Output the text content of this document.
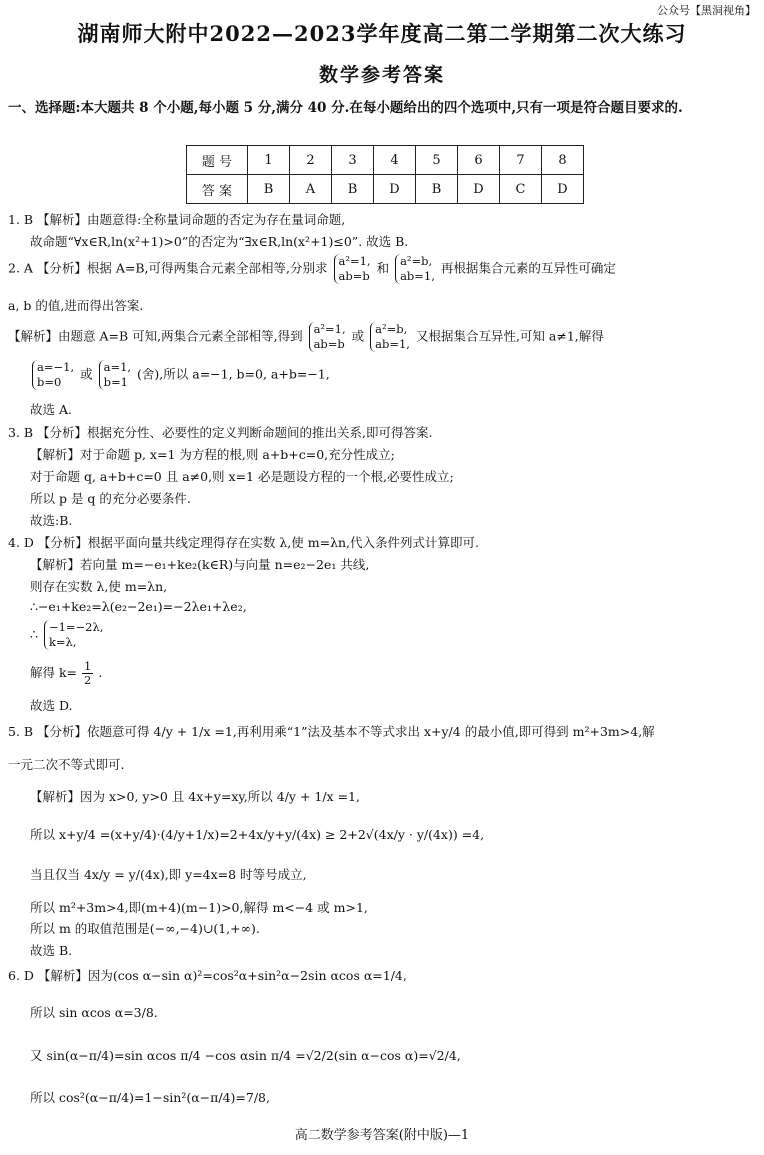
公众号【黑洞视角】
湖南师大附中2022—2023学年度高二第二学期第二次大练习
数学参考答案
一、选择题:本大题共 8 个小题,每小题 5 分,满分 40 分.在每小题给出的四个选项中,只有一项是符合题目要求的.
题 号	1	2	3	4	5	6	7	8
答 案	B	A	B	D	B	D	C	D
1. B 【解析】由题意得:全称量词命题的否定为存在量词命题,
故命题“∀x∈R,ln(x²+1)>0”的否定为“∃x∈R,ln(x²+1)≤0”. 故选 B.
2. A 【分析】根据 A=B,可得两集合元素全部相等,分别求 a²=1,
ab=b
和 a²=b,
ab=1,
再根据集合元素的互异性可确定
a, b 的值,进而得出答案.
【解析】由题意 A=B 可知,两集合元素全部相等,得到 a²=1,
ab=b
或 a²=b,
ab=1,
又根据集合互异性,可知 a≠1,解得
a=−1,
b=0
或 a=1,
b=1
(舍),所以 a=−1, b=0, a+b=−1,
故选 A.
3. B 【分析】根据充分性、必要性的定义判断命题间的推出关系,即可得答案.
【解析】对于命题 p, x=1 为方程的根,则 a+b+c=0,充分性成立;
对于命题 q, a+b+c=0 且 a≠0,则 x=1 必是题设方程的一个根,必要性成立;
所以 p 是 q 的充分必要条件.
故选:B.
4. D 【分析】根据平面向量共线定理得存在实数 λ,使 m=λn,代入条件列式计算即可.
【解析】若向量 m=−e₁+ke₂(k∈R)与向量 n=e₂−2e₁ 共线,
则存在实数 λ,使 m=λn,
∴−e₁+ke₂=λ(e₂−2e₁)=−2λe₁+λe₂,
∴ −1=−2λ,
k=λ,
解得 $k= \frac{1}{2}$ .
故选 D.
5. B 【分析】依题意可得 4/y + 1/x =1,再利用乘“1”法及基本不等式求出 x+y/4 的最小值,即可得到 m²+3m>4,解
一元二次不等式即可.
【解析】因为 x>0, y>0 且 4x+y=xy,所以 4/y + 1/x =1,
所以 x+y/4 =(x+y/4)·(4/y+1/x)=2+4x/y+y/(4x) ≥ 2+2√(4x/y · y/(4x)) =4,
当且仅当 4x/y = y/(4x),即 y=4x=8 时等号成立,
所以 m²+3m>4,即(m+4)(m−1)>0,解得 m<−4 或 m>1,
所以 m 的取值范围是(−∞,−4)∪(1,+∞).
故选 B.
6. D 【解析】因为(cos α−sin α)²=cos²α+sin²α−2sin αcos α=1/4,
所以 sin αcos α=3/8.
又 sin(α−π/4)=sin αcos π/4 −cos αsin π/4 =√2/2(sin α−cos α)=√2/4,
所以 cos²(α−π/4)=1−sin²(α−π/4)=7/8,
高二数学参考答案(附中版)—1
